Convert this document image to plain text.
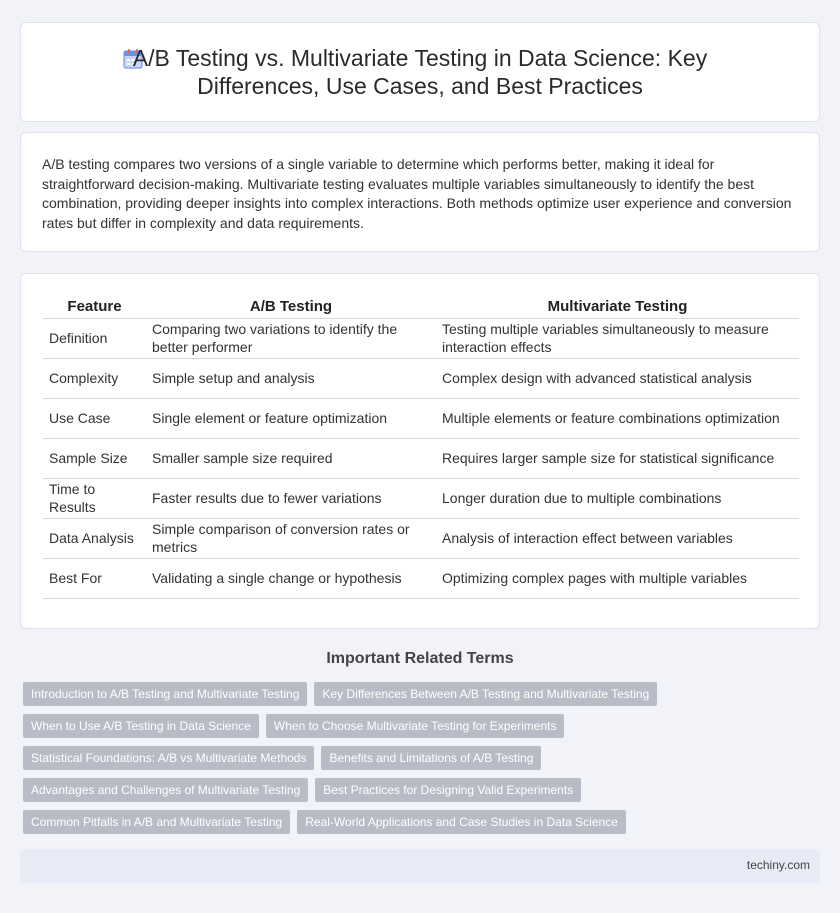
A/B Testing vs. Multivariate Testing in Data Science: Key Differences, Use Cases, and Best Practices

A/B testing compares two versions of a single variable to determine which performs better, making it ideal for straightforward decision-making. Multivariate testing evaluates multiple variables simultaneously to identify the best combination, providing deeper insights into complex interactions. Both methods optimize user experience and conversion rates but differ in complexity and data requirements.

Feature	A/B Testing	Multivariate Testing
Definition	Comparing two variations to identify the better performer	Testing multiple variables simultaneously to measure interaction effects
Complexity	Simple setup and analysis	Complex design with advanced statistical analysis
Use Case	Single element or feature optimization	Multiple elements or feature combinations optimization
Sample Size	Smaller sample size required	Requires larger sample size for statistical significance
Time to Results	Faster results due to fewer variations	Longer duration due to multiple combinations
Data Analysis	Simple comparison of conversion rates or metrics	Analysis of interaction effect between variables
Best For	Validating a single change or hypothesis	Optimizing complex pages with multiple variables
Important Related Terms
Introduction to A/B Testing and Multivariate Testing	Key Differences Between A/B Testing and Multivariate Testing
When to Use A/B Testing in Data Science	When to Choose Multivariate Testing for Experiments
Statistical Foundations: A/B vs Multivariate Methods	Benefits and Limitations of A/B Testing
Advantages and Challenges of Multivariate Testing	Best Practices for Designing Valid Experiments
Common Pitfalls in A/B and Multivariate Testing	Real-World Applications and Case Studies in Data Science
techiny.com
